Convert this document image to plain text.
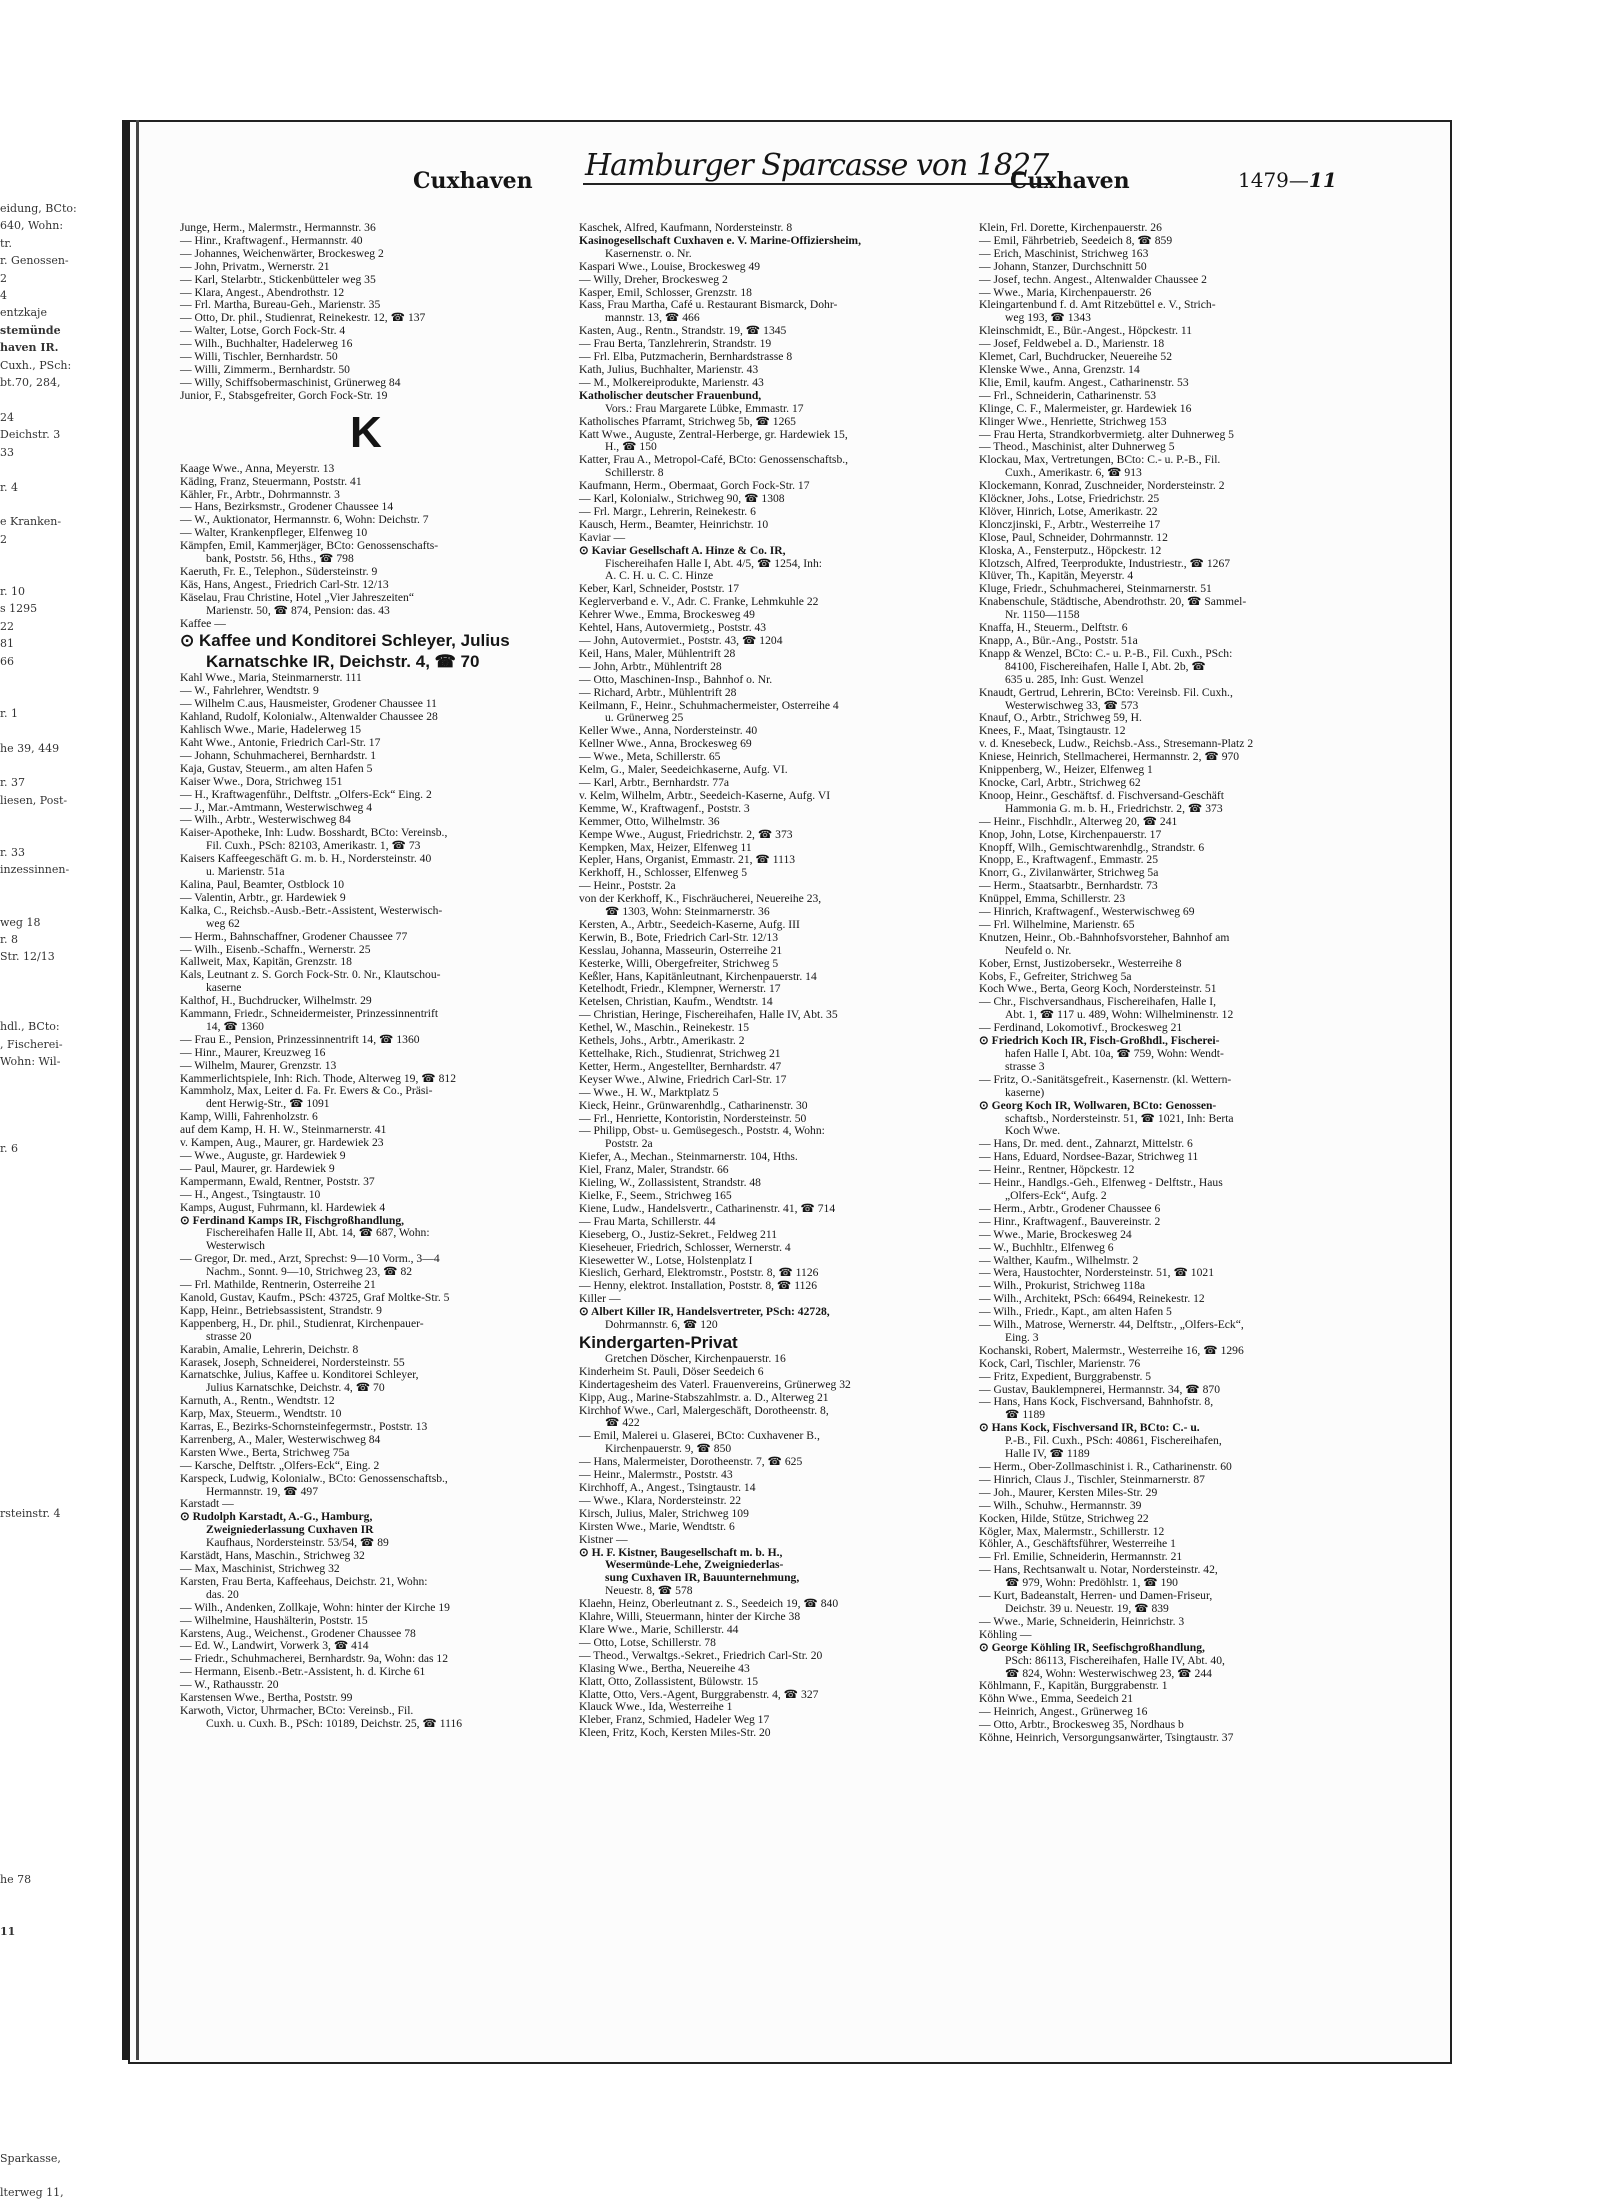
eidung, BCto:
640, Wohn:
tr.
r. Genossen-
2
4
entzkaje
stemünde
haven IR.
Cuxh., PSch:
bt.70, 284,

24
Deichstr. 3
33

r. 4

e Kranken-
2

r. 10
s 1295
22
81
66

r. 1

he 39, 449

r. 37
liesen, Post-

r. 33
inzessinnen-

weg 18
r. 8
Str. 12/13

hdl., BCto:
, Fischerei-
Wohn: Wil-

r. 6

rsteinstr. 4

he 78

11

Sparkasse,

lterweg 11,
Cuxhaven Hamburger Sparcasse von 1827
Cuxhaven	1479—11
Junge, Herm., Malermstr., Hermannstr. 36
— Hinr., Kraftwagenf., Hermannstr. 40
— Johannes, Weichenwärter, Brockesweg 2
— John, Privatm., Wernerstr. 21
— Karl, Stelarbtr., Stickenbütteler weg 35
— Klara, Angest., Abendrothstr. 12
— Frl. Martha, Bureau-Geh., Marienstr. 35
— Otto, Dr. phil., Studienrat, Reinekestr. 12, ☎ 137
— Walter, Lotse, Gorch Fock-Str. 4
— Wilh., Buchhalter, Hadelerweg 16
— Willi, Tischler, Bernhardstr. 50
— Willi, Zimmerm., Bernhardstr. 50
— Willy, Schiffsobermaschinist, Grünerweg 84
Junior, F., Stabsgefreiter, Gorch Fock-Str. 19
K
Kaage Wwe., Anna, Meyerstr. 13
Käding, Franz, Steuermann, Poststr. 41
Kähler, Fr., Arbtr., Dohrmannstr. 3
— Hans, Bezirksmstr., Grodener Chaussee 14
— W., Auktionator, Hermannstr. 6, Wohn: Deichstr. 7
— Walter, Krankenpfleger, Elfenweg 10
Kämpfen, Emil, Kammerjäger, BCto: Genossenschafts-
bank, Poststr. 56, Hths., ☎ 798
Kaeruth, Fr. E., Telephon., Südersteinstr. 9
Käs, Hans, Angest., Friedrich Carl-Str. 12/13
Käselau, Frau Christine, Hotel „Vier Jahreszeiten“
Marienstr. 50, ☎ 874, Pension: das. 43
Kaffee —
⊙ Kaffee und Konditorei Schleyer, Julius
Karnatschke IR, Deichstr. 4, ☎ 70
Kahl Wwe., Maria, Steinmarnerstr. 111
— W., Fahrlehrer, Wendtstr. 9
— Wilhelm C.aus, Hausmeister, Grodener Chaussee 11
Kahland, Rudolf, Kolonialw., Altenwalder Chaussee 28
Kahlisch Wwe., Marie, Hadelerweg 15
Kaht Wwe., Antonie, Friedrich Carl-Str. 17
— Johann, Schuhmacherei, Bernhardstr. 1
Kaja, Gustav, Steuerm., am alten Hafen 5
Kaiser Wwe., Dora, Strichweg 151
— H., Kraftwagenführ., Delftstr. „Olfers-Eck“ Eing. 2
— J., Mar.-Amtmann, Westerwischweg 4
— Wilh., Arbtr., Westerwischweg 84
Kaiser-Apotheke, Inh: Ludw. Bosshardt, BCto: Vereinsb.,
Fil. Cuxh., PSch: 82103, Amerikastr. 1, ☎ 73
Kaisers Kaffeegeschäft G. m. b. H., Nordersteinstr. 40
u. Marienstr. 51a
Kalina, Paul, Beamter, Ostblock 10
— Valentin, Arbtr., gr. Hardewiek 9
Kalka, C., Reichsb.-Ausb.-Betr.-Assistent, Westerwisch-
weg 62
— Herm., Bahnschaffner, Grodener Chaussee 77
— Wilh., Eisenb.-Schaffn., Wernerstr. 25
Kallweit, Max, Kapitän, Grenzstr. 18
Kals, Leutnant z. S. Gorch Fock-Str. 0. Nr., Klautschou-
kaserne
Kalthof, H., Buchdrucker, Wilhelmstr. 29
Kammann, Friedr., Schneidermeister, Prinzessinnentrift
14, ☎ 1360
— Frau E., Pension, Prinzessinnentrift 14, ☎ 1360
— Hinr., Maurer, Kreuzweg 16
— Wilhelm, Maurer, Grenzstr. 13
Kammerlichtspiele, Inh: Rich. Thode, Alterweg 19, ☎ 812
Kammholz, Max, Leiter d. Fa. Fr. Ewers & Co., Präsi-
dent Herwig-Str., ☎ 1091
Kamp, Willi, Fahrenholzstr. 6
auf dem Kamp, H. H. W., Steinmarnerstr. 41
v. Kampen, Aug., Maurer, gr. Hardewiek 23
— Wwe., Auguste, gr. Hardewiek 9
— Paul, Maurer, gr. Hardewiek 9
Kampermann, Ewald, Rentner, Poststr. 37
— H., Angest., Tsingtaustr. 10
Kamps, August, Fuhrmann, kl. Hardewiek 4
⊙ Ferdinand Kamps IR, Fischgroßhandlung,
Fischereihafen Halle II, Abt. 14, ☎ 687, Wohn:
Westerwisch
— Gregor, Dr. med., Arzt, Sprechst: 9—10 Vorm., 3—4
Nachm., Sonnt. 9—10, Strichweg 23, ☎ 82
— Frl. Mathilde, Rentnerin, Osterreihe 21
Kanold, Gustav, Kaufm., PSch: 43725, Graf Moltke-Str. 5
Kapp, Heinr., Betriebsassistent, Strandstr. 9
Kappenberg, H., Dr. phil., Studienrat, Kirchenpauer-
strasse 20
Karabin, Amalie, Lehrerin, Deichstr. 8
Karasek, Joseph, Schneiderei, Nordersteinstr. 55
Karnatschke, Julius, Kaffee u. Konditorei Schleyer,
Julius Karnatschke, Deichstr. 4, ☎ 70
Karnuth, A., Rentn., Wendtstr. 12
Karp, Max, Steuerm., Wendtstr. 10
Karras, E., Bezirks-Schornsteinfegermstr., Poststr. 13
Karrenberg, A., Maler, Westerwischweg 84
Karsten Wwe., Berta, Strichweg 75a
— Karsche, Delftstr. „Olfers-Eck“, Eing. 2
Karspeck, Ludwig, Kolonialw., BCto: Genossenschaftsb.,
Hermannstr. 19, ☎ 497
Karstadt —
⊙ Rudolph Karstadt, A.-G., Hamburg,
Zweigniederlassung Cuxhaven IR
Kaufhaus, Nordersteinstr. 53/54, ☎ 89
Karstädt, Hans, Maschin., Strichweg 32
— Max, Maschinist, Strichweg 32
Karsten, Frau Berta, Kaffeehaus, Deichstr. 21, Wohn:
das. 20
— Wilh., Andenken, Zollkaje, Wohn: hinter der Kirche 19
— Wilhelmine, Haushälterin, Poststr. 15
Karstens, Aug., Weichenst., Grodener Chaussee 78
— Ed. W., Landwirt, Vorwerk 3, ☎ 414
— Friedr., Schuhmacherei, Bernhardstr. 9a, Wohn: das 12
— Hermann, Eisenb.-Betr.-Assistent, h. d. Kirche 61
— W., Rathausstr. 20
Karstensen Wwe., Bertha, Poststr. 99
Karwoth, Victor, Uhrmacher, BCto: Vereinsb., Fil.
Cuxh. u. Cuxh. B., PSch: 10189, Deichstr. 25, ☎ 1116
Kaschek, Alfred, Kaufmann, Nordersteinstr. 8
Kasinogesellschaft Cuxhaven e. V. Marine-Offiziersheim,
Kasernenstr. o. Nr.
Kaspari Wwe., Louise, Brockesweg 49
— Willy, Dreher, Brockesweg 2
Kasper, Emil, Schlosser, Grenzstr. 18
Kass, Frau Martha, Café u. Restaurant Bismarck, Dohr-
mannstr. 13, ☎ 466
Kasten, Aug., Rentn., Strandstr. 19, ☎ 1345
— Frau Berta, Tanzlehrerin, Strandstr. 19
— Frl. Elba, Putzmacherin, Bernhardstrasse 8
Kath, Julius, Buchhalter, Marienstr. 43
— M., Molkereiprodukte, Marienstr. 43
Katholischer deutscher Frauenbund,
Vors.: Frau Margarete Lübke, Emmastr. 17
Katholisches Pfarramt, Strichweg 5b, ☎ 1265
Katt Wwe., Auguste, Zentral-Herberge, gr. Hardewiek 15,
H., ☎ 150
Katter, Frau A., Metropol-Café, BCto: Genossenschaftsb.,
Schillerstr. 8
Kaufmann, Herm., Obermaat, Gorch Fock-Str. 17
— Karl, Kolonialw., Strichweg 90, ☎ 1308
— Frl. Margr., Lehrerin, Reinekestr. 6
Kausch, Herm., Beamter, Heinrichstr. 10
Kaviar —
⊙ Kaviar Gesellschaft A. Hinze & Co. IR,
Fischereihafen Halle I, Abt. 4/5, ☎ 1254, Inh:
A. C. H. u. C. C. Hinze
Keber, Karl, Schneider, Poststr. 17
Keglerverband e. V., Adr. C. Franke, Lehmkuhle 22
Kehrer Wwe., Emma, Brockesweg 49
Kehtel, Hans, Autovermietg., Poststr. 43
— John, Autovermiet., Poststr. 43, ☎ 1204
Keil, Hans, Maler, Mühlentrift 28
— John, Arbtr., Mühlentrift 28
— Otto, Maschinen-Insp., Bahnhof o. Nr.
— Richard, Arbtr., Mühlentrift 28
Keilmann, F., Heinr., Schuhmachermeister, Osterreihe 4
u. Grünerweg 25
Keller Wwe., Anna, Nordersteinstr. 40
Kellner Wwe., Anna, Brockesweg 69
— Wwe., Meta, Schillerstr. 65
Kelm, G., Maler, Seedeichkaserne, Aufg. VI.
— Karl, Arbtr., Bernhardstr. 77a
v. Kelm, Wilhelm, Arbtr., Seedeich-Kaserne, Aufg. VI
Kemme, W., Kraftwagenf., Poststr. 3
Kemmer, Otto, Wilhelmstr. 36
Kempe Wwe., August, Friedrichstr. 2, ☎ 373
Kempken, Max, Heizer, Elfenweg 11
Kepler, Hans, Organist, Emmastr. 21, ☎ 1113
Kerkhoff, H., Schlosser, Elfenweg 5
— Heinr., Poststr. 2a
von der Kerkhoff, K., Fischräucherei, Neuereihe 23,
☎ 1303, Wohn: Steinmarnerstr. 36
Kersten, A., Arbtr., Seedeich-Kaserne, Aufg. III
Kerwin, B., Bote, Friedrich Carl-Str. 12/13
Kesslau, Johanna, Masseurin, Osterreihe 21
Kesterke, Willi, Obergefreiter, Strichweg 5
Keßler, Hans, Kapitänleutnant, Kirchenpauerstr. 14
Ketelhodt, Friedr., Klempner, Wernerstr. 17
Ketelsen, Christian, Kaufm., Wendtstr. 14
— Christian, Heringe, Fischereihafen, Halle IV, Abt. 35
Kethel, W., Maschin., Reinekestr. 15
Kethels, Johs., Arbtr., Amerikastr. 2
Kettelhake, Rich., Studienrat, Strichweg 21
Ketter, Herm., Angestellter, Bernhardstr. 47
Keyser Wwe., Alwine, Friedrich Carl-Str. 17
— Wwe., H. W., Marktplatz 5
Kieck, Heinr., Grünwarenhdlg., Catharinenstr. 30
— Frl., Henriette, Kontoristin, Nordersteinstr. 50
— Philipp, Obst- u. Gemüsegesch., Poststr. 4, Wohn:
Poststr. 2a
Kiefer, A., Mechan., Steinmarnerstr. 104, Hths.
Kiel, Franz, Maler, Strandstr. 66
Kieling, W., Zollassistent, Strandstr. 48
Kielke, F., Seem., Strichweg 165
Kiene, Ludw., Handelsvertr., Catharinenstr. 41, ☎ 714
— Frau Marta, Schillerstr. 44
Kieseberg, O., Justiz-Sekret., Feldweg 211
Kieseheuer, Friedrich, Schlosser, Wernerstr. 4
Kiesewetter W., Lotse, Holstenplatz I
Kieslich, Gerhard, Elektromstr., Poststr. 8, ☎ 1126
— Henny, elektrot. Installation, Poststr. 8, ☎ 1126
Killer —
⊙ Albert Killer IR, Handelsvertreter, PSch: 42728,
Dohrmannstr. 6, ☎ 120
Kindergarten-Privat
Gretchen Döscher, Kirchenpauerstr. 16
Kinderheim St. Pauli, Döser Seedeich 6
Kindertagesheim des Vaterl. Frauenvereins, Grünerweg 32
Kipp, Aug., Marine-Stabszahlmstr. a. D., Alterweg 21
Kirchhof Wwe., Carl, Malergeschäft, Dorotheenstr. 8,
☎ 422
— Emil, Malerei u. Glaserei, BCto: Cuxhavener B.,
Kirchenpauerstr. 9, ☎ 850
— Hans, Malermeister, Dorotheenstr. 7, ☎ 625
— Heinr., Malermstr., Poststr. 43
Kirchhoff, A., Angest., Tsingtaustr. 14
— Wwe., Klara, Nordersteinstr. 22
Kirsch, Julius, Maler, Strichweg 109
Kirsten Wwe., Marie, Wendtstr. 6
Kistner —
⊙ H. F. Kistner, Baugesellschaft m. b. H.,
Wesermünde-Lehe, Zweigniederlas-
sung Cuxhaven IR, Bauunternehmung,
Neuestr. 8, ☎ 578
Klaehn, Heinz, Oberleutnant z. S., Seedeich 19, ☎ 840
Klahre, Willi, Steuermann, hinter der Kirche 38
Klare Wwe., Marie, Schillerstr. 44
— Otto, Lotse, Schillerstr. 78
— Theod., Verwaltgs.-Sekret., Friedrich Carl-Str. 20
Klasing Wwe., Bertha, Neuereihe 43
Klatt, Otto, Zollassistent, Bülowstr. 15
Klatte, Otto, Vers.-Agent, Burggrabenstr. 4, ☎ 327
Klauck Wwe., Ida, Westerreihe 1
Kleber, Franz, Schmied, Hadeler Weg 17
Kleen, Fritz, Koch, Kersten Miles-Str. 20
Klein, Frl. Dorette, Kirchenpauerstr. 26
— Emil, Fährbetrieb, Seedeich 8, ☎ 859
— Erich, Maschinist, Strichweg 163
— Johann, Stanzer, Durchschnitt 50
— Josef, techn. Angest., Altenwalder Chaussee 2
— Wwe., Maria, Kirchenpauerstr. 26
Kleingartenbund f. d. Amt Ritzebüttel e. V., Strich-
weg 193, ☎ 1343
Kleinschmidt, E., Bür.-Angest., Höpckestr. 11
— Josef, Feldwebel a. D., Marienstr. 18
Klemet, Carl, Buchdrucker, Neuereihe 52
Klenske Wwe., Anna, Grenzstr. 14
Klie, Emil, kaufm. Angest., Catharinenstr. 53
— Frl., Schneiderin, Catharinenstr. 53
Klinge, C. F., Malermeister, gr. Hardewiek 16
Klinger Wwe., Henriette, Strichweg 153
— Frau Herta, Strandkorbvermietg. alter Duhnerweg 5
— Theod., Maschinist, alter Duhnerweg 5
Klockau, Max, Vertretungen, BCto: C.- u. P.-B., Fil.
Cuxh., Amerikastr. 6, ☎ 913
Klockemann, Konrad, Zuschneider, Nordersteinstr. 2
Klöckner, Johs., Lotse, Friedrichstr. 25
Klöver, Hinrich, Lotse, Amerikastr. 22
Klonczjinski, F., Arbtr., Westerreihe 17
Klose, Paul, Schneider, Dohrmannstr. 12
Kloska, A., Fensterputz., Höpckestr. 12
Klotzsch, Alfred, Teerprodukte, Industriestr., ☎ 1267
Klüver, Th., Kapitän, Meyerstr. 4
Kluge, Friedr., Schuhmacherei, Steinmarnerstr. 51
Knabenschule, Städtische, Abendrothstr. 20, ☎ Sammel-
Nr. 1150—1158
Knaffa, H., Steuerm., Delftstr. 6
Knapp, A., Bür.-Ang., Poststr. 51a
Knapp & Wenzel, BCto: C.- u. P.-B., Fil. Cuxh., PSch:
84100, Fischereihafen, Halle I, Abt. 2b, ☎
635 u. 285, Inh: Gust. Wenzel
Knaudt, Gertrud, Lehrerin, BCto: Vereinsb. Fil. Cuxh.,
Westerwischweg 33, ☎ 573
Knauf, O., Arbtr., Strichweg 59, H.
Knees, F., Maat, Tsingtaustr. 12
v. d. Knesebeck, Ludw., Reichsb.-Ass., Stresemann-Platz 2
Kniese, Heinrich, Stellmacherei, Hermannstr. 2, ☎ 970
Knippenberg, W., Heizer, Elfenweg 1
Knocke, Carl, Arbtr., Strichweg 62
Knoop, Heinr., Geschäftsf. d. Fischversand-Geschäft
Hammonia G. m. b. H., Friedrichstr. 2, ☎ 373
— Heinr., Fischhdlr., Alterweg 20, ☎ 241
Knop, John, Lotse, Kirchenpauerstr. 17
Knopff, Wilh., Gemischtwarenhdlg., Strandstr. 6
Knopp, E., Kraftwagenf., Emmastr. 25
Knorr, G., Zivilanwärter, Strichweg 5a
— Herm., Staatsarbtr., Bernhardstr. 73
Knüppel, Emma, Schillerstr. 23
— Hinrich, Kraftwagenf., Westerwischweg 69
— Frl. Wilhelmine, Marienstr. 65
Knutzen, Heinr., Ob.-Bahnhofsvorsteher, Bahnhof am
Neufeld o. Nr.
Kober, Ernst, Justizobersekr., Westerreihe 8
Kobs, F., Gefreiter, Strichweg 5a
Koch Wwe., Berta, Georg Koch, Nordersteinstr. 51
— Chr., Fischversandhaus, Fischereihafen, Halle I,
Abt. 1, ☎ 117 u. 489, Wohn: Wilhelminenstr. 12
— Ferdinand, Lokomotivf., Brockesweg 21
⊙ Friedrich Koch IR, Fisch-Großhdl., Fischerei-
hafen Halle I, Abt. 10a, ☎ 759, Wohn: Wendt-
strasse 3
— Fritz, O.-Sanitätsgefreit., Kasernenstr. (kl. Wettern-
kaserne)
⊙ Georg Koch IR, Wollwaren, BCto: Genossen-
schaftsb., Nordersteinstr. 51, ☎ 1021, Inh: Berta
Koch Wwe.
— Hans, Dr. med. dent., Zahnarzt, Mittelstr. 6
— Hans, Eduard, Nordsee-Bazar, Strichweg 11
— Heinr., Rentner, Höpckestr. 12
— Heinr., Handlgs.-Geh., Elfenweg - Delftstr., Haus
„Olfers-Eck“, Aufg. 2
— Herm., Arbtr., Grodener Chaussee 6
— Hinr., Kraftwagenf., Bauvereinstr. 2
— Wwe., Marie, Brockesweg 24
— W., Buchhltr., Elfenweg 6
— Walther, Kaufm., Wilhelmstr. 2
— Wera, Haustochter, Nordersteinstr. 51, ☎ 1021
— Wilh., Prokurist, Strichweg 118a
— Wilh., Architekt, PSch: 66494, Reinekestr. 12
— Wilh., Friedr., Kapt., am alten Hafen 5
— Wilh., Matrose, Wernerstr. 44, Delftstr., „Olfers-Eck“,
Eing. 3
Kochanski, Robert, Malermstr., Westerreihe 16, ☎ 1296
Kock, Carl, Tischler, Marienstr. 76
— Fritz, Expedient, Burggrabenstr. 5
— Gustav, Bauklempnerei, Hermannstr. 34, ☎ 870
— Hans, Hans Kock, Fischversand, Bahnhofstr. 8,
☎ 1189
⊙ Hans Kock, Fischversand IR, BCto: C.- u.
P.-B., Fil. Cuxh., PSch: 40861, Fischereihafen,
Halle IV, ☎ 1189
— Herm., Ober-Zollmaschinist i. R., Catharinenstr. 60
— Hinrich, Claus J., Tischler, Steinmarnerstr. 87
— Joh., Maurer, Kersten Miles-Str. 29
— Wilh., Schuhw., Hermannstr. 39
Kocken, Hilde, Stütze, Strichweg 22
Kögler, Max, Malermstr., Schillerstr. 12
Köhler, A., Geschäftsführer, Westerreihe 1
— Frl. Emilie, Schneiderin, Hermannstr. 21
— Hans, Rechtsanwalt u. Notar, Nordersteinstr. 42,
☎ 979, Wohn: Predöhlstr. 1, ☎ 190
— Kurt, Badeanstalt, Herren- und Damen-Friseur,
Deichstr. 39 u. Neuestr. 19, ☎ 839
— Wwe., Marie, Schneiderin, Heinrichstr. 3
Köhling —
⊙ George Köhling IR, Seefischgroßhandlung,
PSch: 86113, Fischereihafen, Halle IV, Abt. 40,
☎ 824, Wohn: Westerwischweg 23, ☎ 244
Köhlmann, F., Kapitän, Burggrabenstr. 1
Köhn Wwe., Emma, Seedeich 21
— Heinrich, Angest., Grünerweg 16
— Otto, Arbtr., Brockesweg 35, Nordhaus b
Köhne, Heinrich, Versorgungsanwärter, Tsingtaustr. 37
